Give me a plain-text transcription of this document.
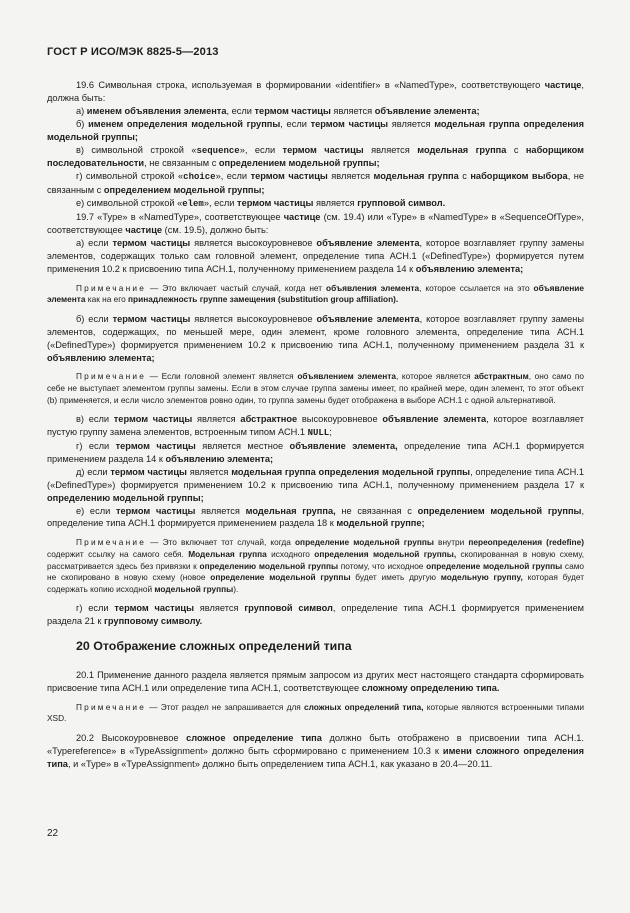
ГОСТ Р ИСО/МЭК 8825-5—2013

19.6 Символьная строка, используемая в формировании «identifier» в «NamedType», соответствующего частице, должна быть:

а) именем объявления элемента, если термом частицы является объявление элемента;

б) именем определения модельной группы, если термом частицы является модельная группа определения модельной группы;

в) символьной строкой «sequence», если термом частицы является модельная группа с наборщиком последовательности, не связанным с определением модельной группы;

г) символьной строкой «choice», если термом частицы является модельная группа с наборщиком выбора, не связанным с определением модельной группы;

е) символьной строкой «elem», если термом частицы является групповой символ.

19.7 «Type» в «NamedType», соответствующее частице (см. 19.4) или «Type» в «NamedType» в «SequenceOfType», соответствующее частице (см. 19.5), должно быть:

а) если термом частицы является высокоуровневое объявление элемента, которое возглавляет группу замены элементов, содержащих только сам головной элемент, определение типа АСН.1 («DefinedType») формируется путем применения 10.2 к присвоению типа АСН.1, полученному применением раздела 14 к объявлению элемента;

Примечание — Это включает частый случай, когда нет объявления элемента, которое ссылается на это объявление элемента как на его принадлежность группе замещения (substitution group affiliation).

б) если термом частицы является высокоуровневое объявление элемента, которое возглавляет группу замены элементов, содержащих, по меньшей мере, один элемент, кроме головного элемента, определение типа АСН.1 («DefinedType») формируется применением 10.2 к присвоению типа АСН.1, полученному применением раздела 31 к объявлению элемента;

Примечание — Если головной элемент является объявлением элемента, которое является абстрактным, оно само по себе не выступает элементом группы замены. Если в этом случае группа замены имеет, по крайней мере, один элемент, то этот объект (b) применяется, и если число элементов ровно один, то группа замены будет отображена в выборе АСН.1 с одной альтернативой.

в) если термом частицы является абстрактное высокоуровневое объявление элемента, которое возглавляет пустую группу замена элементов, встроенным типом АСН.1 NULL;

г) если термом частицы является местное объявление элемента, определение типа АСН.1 формируется применением раздела 14 к объявлению элемента;

д) если термом частицы является модельная группа определения модельной группы, определение типа АСН.1 («DefinedType») формируется применением 10.2 к присвоению типа АСН.1, полученному применением раздела 17 к определению модельной группы;

е) если термом частицы является модельная группа, не связанная с определением модельной группы, определение типа АСН.1 формируется применением раздела 18 к модельной группе;

Примечание — Это включает тот случай, когда определение модельной группы внутри переопределения (redefine) содержит ссылку на самого себя. Модельная группа исходного определения модельной группы, скопированная в новую схему, рассматривается здесь без привязки к определению модельной группы потому, что исходное определение модельной группы само не скопировано в новую схему (новое определение модельной группы будет иметь другую модельную группу, которая будет содержать копию исходной модельной группы).

г) если термом частицы является групповой символ, определение типа АСН.1 формируется применением раздела 21 к групповому символу.

20 Отображение сложных определений типа

20.1 Применение данного раздела является прямым запросом из других мест настоящего стандарта сформировать присвоение типа АСН.1 или определение типа АСН.1, соответствующее сложному определению типа.

Примечание — Этот раздел не запрашивается для сложных определений типа, которые являются встроенными типами XSD.

20.2 Высокоуровневое сложное определение типа должно быть отображено в присвоении типа АСН.1. «Typereference» в «TypeAssignment» должно быть сформировано с применением 10.3 к имени сложного определения типа, и «Type» в «TypeAssignment» должно быть определением типа АСН.1, как указано в 20.4—20.11.

22
